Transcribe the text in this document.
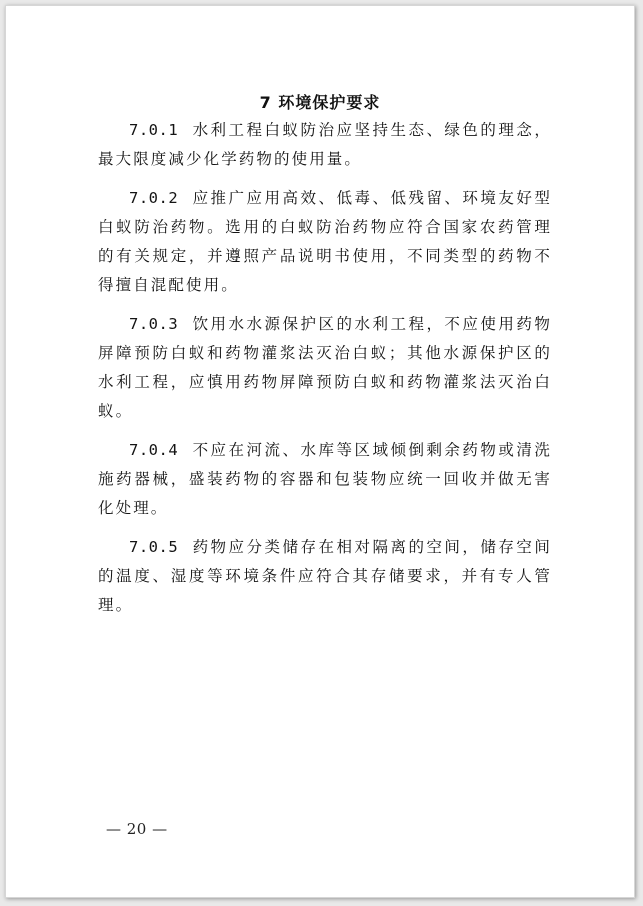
7 环境保护要求

7.0.1 水利工程白蚁防治应坚持生态、绿色的理念，最大限度减少化学药物的使用量。

7.0.2 应推广应用高效、低毒、低残留、环境友好型白蚁防治药物。选用的白蚁防治药物应符合国家农药管理的有关规定，并遵照产品说明书使用，不同类型的药物不得擅自混配使用。

7.0.3 饮用水水源保护区的水利工程，不应使用药物屏障预防白蚁和药物灌浆法灭治白蚁；其他水源保护区的水利工程，应慎用药物屏障预防白蚁和药物灌浆法灭治白蚁。

7.0.4 不应在河流、水库等区域倾倒剩余药物或清洗施药器械，盛装药物的容器和包装物应统一回收并做无害化处理。

7.0.5 药物应分类储存在相对隔离的空间，储存空间的温度、湿度等环境条件应符合其存储要求，并有专人管理。

— 20 —
